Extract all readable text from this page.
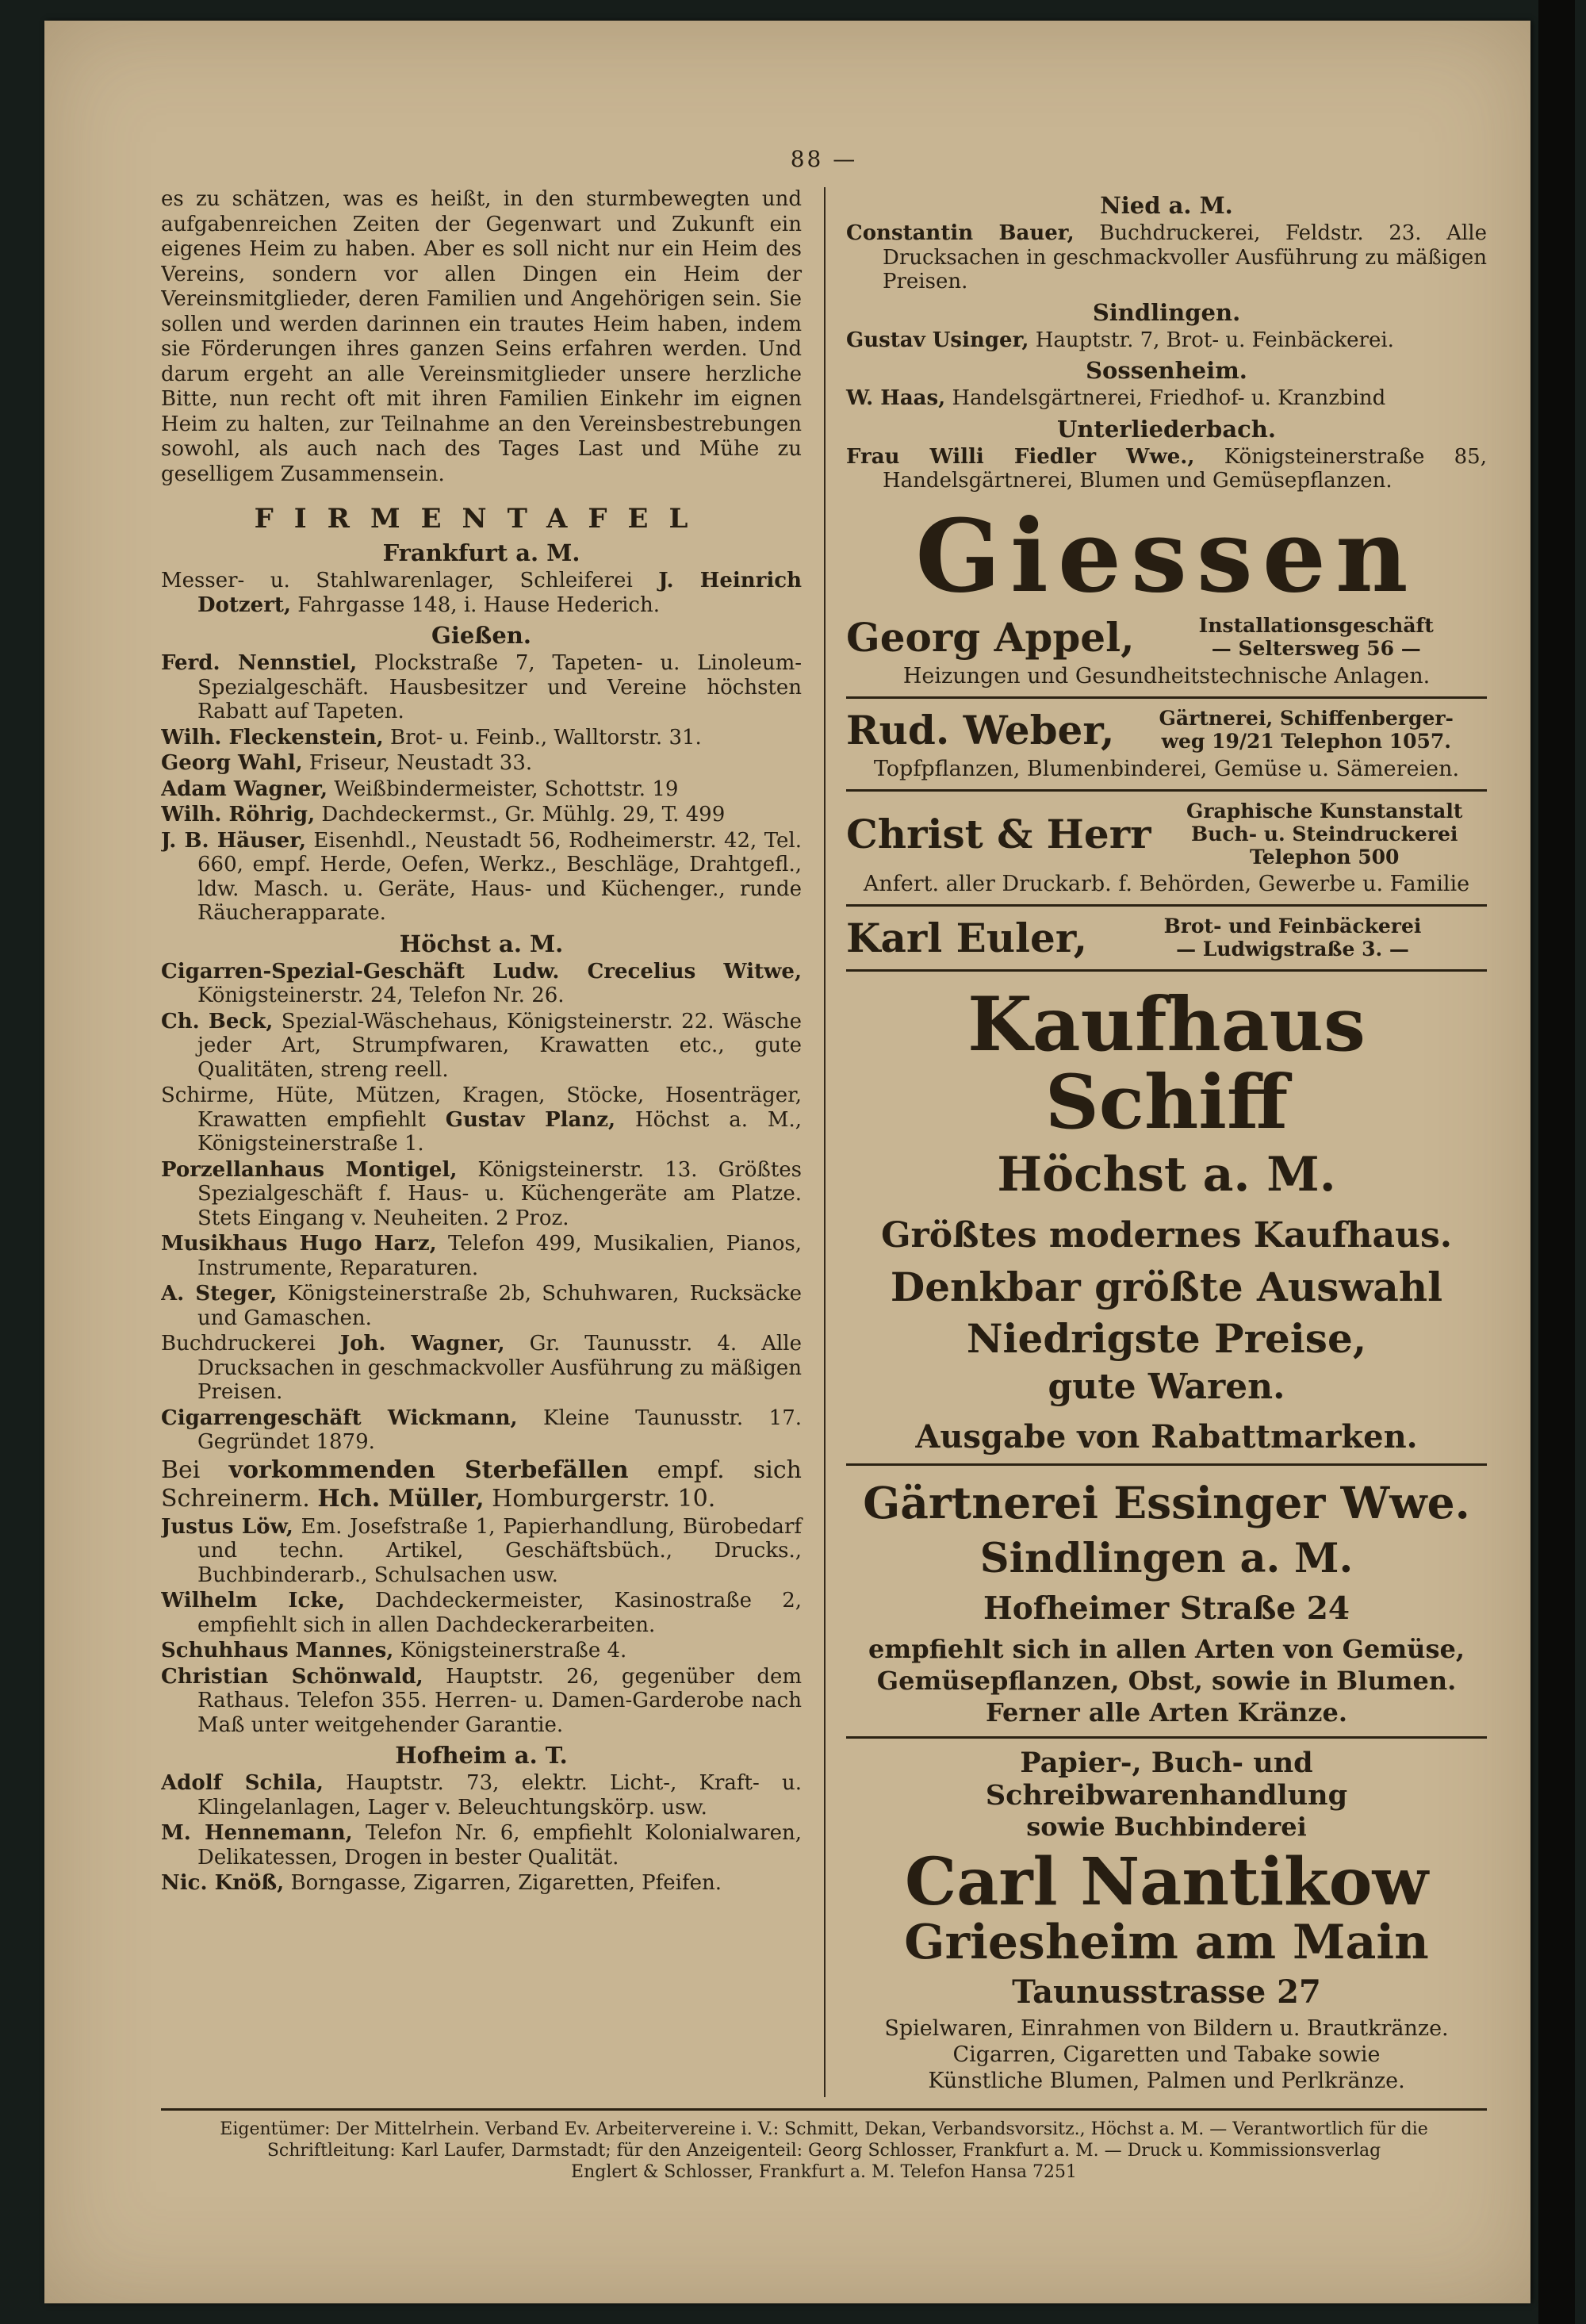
88 —

es zu schätzen, was es heißt, in den sturmbewegten und aufgabenreichen Zeiten der Gegenwart und Zukunft ein eigenes Heim zu haben. Aber es soll nicht nur ein Heim des Vereins, sondern vor allen Dingen ein Heim der Vereinsmitglieder, deren Familien und Angehörigen sein. Sie sollen und werden darinnen ein trautes Heim haben, indem sie Förderungen ihres ganzen Seins erfahren werden. Und darum ergeht an alle Vereinsmitglieder unsere herzliche Bitte, nun recht oft mit ihren Familien Einkehr im eignen Heim zu halten, zur Teilnahme an den Vereinsbestrebungen sowohl, als auch nach des Tages Last und Mühe zu geselligem Zusammensein.

FIRMENTAFEL
Frankfurt a. M.

Messer- u. Stahlwarenlager, Schleiferei J. Heinrich Dotzert, Fahrgasse 148, i. Hause Hederich.

Gießen.

Ferd. Nennstiel, Plockstraße 7, Tapeten- u. Linoleum-Spezialgeschäft. Hausbesitzer und Vereine höchsten Rabatt auf Tapeten.

Wilh. Fleckenstein, Brot- u. Feinb., Walltorstr. 31.

Georg Wahl, Friseur, Neustadt 33.

Adam Wagner, Weißbindermeister, Schottstr. 19

Wilh. Röhrig, Dachdeckermst., Gr. Mühlg. 29, T. 499

J. B. Häuser, Eisenhdl., Neustadt 56, Rodheimerstr. 42, Tel. 660, empf. Herde, Oefen, Werkz., Beschläge, Drahtgefl., ldw. Masch. u. Geräte, Haus- und Küchenger., runde Räucherapparate.

Höchst a. M.

Cigarren-Spezial-Geschäft Ludw. Crecelius Witwe, Königsteinerstr. 24, Telefon Nr. 26.

Ch. Beck, Spezial-Wäschehaus, Königsteinerstr. 22. Wäsche jeder Art, Strumpfwaren, Krawatten etc., gute Qualitäten, streng reell.

Schirme, Hüte, Mützen, Kragen, Stöcke, Hosenträger, Krawatten empfiehlt Gustav Planz, Höchst a. M., Königsteinerstraße 1.

Porzellanhaus Montigel, Königsteinerstr. 13. Größtes Spezialgeschäft f. Haus- u. Küchengeräte am Platze. Stets Eingang v. Neuheiten. 2 Proz.

Musikhaus Hugo Harz, Telefon 499, Musikalien, Pianos, Instrumente, Reparaturen.

A. Steger, Königsteinerstraße 2b, Schuhwaren, Rucksäcke und Gamaschen.

Buchdruckerei Joh. Wagner, Gr. Taunusstr. 4. Alle Drucksachen in geschmackvoller Ausführung zu mäßigen Preisen.

Cigarrengeschäft Wickmann, Kleine Taunusstr. 17. Gegründet 1879.

Bei vorkommenden Sterbefällen empf. sich Schreinerm. Hch. Müller, Homburgerstr. 10.

Justus Löw, Em. Josefstraße 1, Papierhandlung, Bürobedarf und techn. Artikel, Geschäftsbüch., Drucks., Buchbinderarb., Schulsachen usw.

Wilhelm Icke, Dachdeckermeister, Kasinostraße 2, empfiehlt sich in allen Dachdeckerarbeiten.

Schuhhaus Mannes, Königsteinerstraße 4.

Christian Schönwald, Hauptstr. 26, gegenüber dem Rathaus. Telefon 355. Herren- u. Damen-Garderobe nach Maß unter weitgehender Garantie.

Hofheim a. T.

Adolf Schila, Hauptstr. 73, elektr. Licht-, Kraft- u. Klingelanlagen, Lager v. Beleuchtungskörp. usw.

M. Hennemann, Telefon Nr. 6, empfiehlt Kolonialwaren, Delikatessen, Drogen in bester Qualität.

Nic. Knöß, Borngasse, Zigarren, Zigaretten, Pfeifen.

Nied a. M.

Constantin Bauer, Buchdruckerei, Feldstr. 23. Alle Drucksachen in geschmackvoller Ausführung zu mäßigen Preisen.

Sindlingen.

Gustav Usinger, Hauptstr. 7, Brot- u. Feinbäckerei.

Sossenheim.

W. Haas, Handelsgärtnerei, Friedhof- u. Kranzbind

Unterliederbach.

Frau Willi Fiedler Wwe., Königsteinerstraße 85, Handelsgärtnerei, Blumen und Gemüsepflanzen.

Giessen
Georg Appel,	Installationsgeschäft
— Seltersweg 56 —
Heizungen und Gesundheitstechnische Anlagen.
Rud. Weber,	Gärtnerei, Schiffenberger-
weg 19/21 Telephon 1057.
Topfpflanzen, Blumenbinderei, Gemüse u. Sämereien.
Christ & Herr	Graphische Kunstanstalt
Buch- u. Steindruckerei
Telephon 500
Anfert. aller Druckarb. f. Behörden, Gewerbe u. Familie
Karl Euler,	Brot- und Feinbäckerei
— Ludwigstraße 3. —
Kaufhaus Schiff
Höchst a. M.
Größtes modernes Kaufhaus.
Denkbar größte Auswahl
Niedrigste Preise,
gute Waren.
Ausgabe von Rabattmarken.
Gärtnerei Essinger Wwe.
Sindlingen a. M.
Hofheimer Straße 24

empfiehlt sich in allen Arten von Gemüse,

Gemüsepflanzen, Obst, sowie in Blumen.

Ferner alle Arten Kränze.

Papier-, Buch- und Schreibwarenhandlung
sowie Buchbinderei
Carl Nantikow
Griesheim am Main
Taunusstrasse 27

Spielwaren, Einrahmen von Bildern u. Brautkränze.

Cigarren, Cigaretten und Tabake sowie

Künstliche Blumen, Palmen und Perlkränze.

Eigentümer: Der Mittelrhein. Verband Ev. Arbeitervereine i. V.: Schmitt, Dekan, Verbandsvorsitz., Höchst a. M. — Verantwortlich für die
Schriftleitung: Karl Laufer, Darmstadt; für den Anzeigenteil: Georg Schlosser, Frankfurt a. M. — Druck u. Kommissionsverlag
Englert & Schlosser, Frankfurt a. M. Telefon Hansa 7251
